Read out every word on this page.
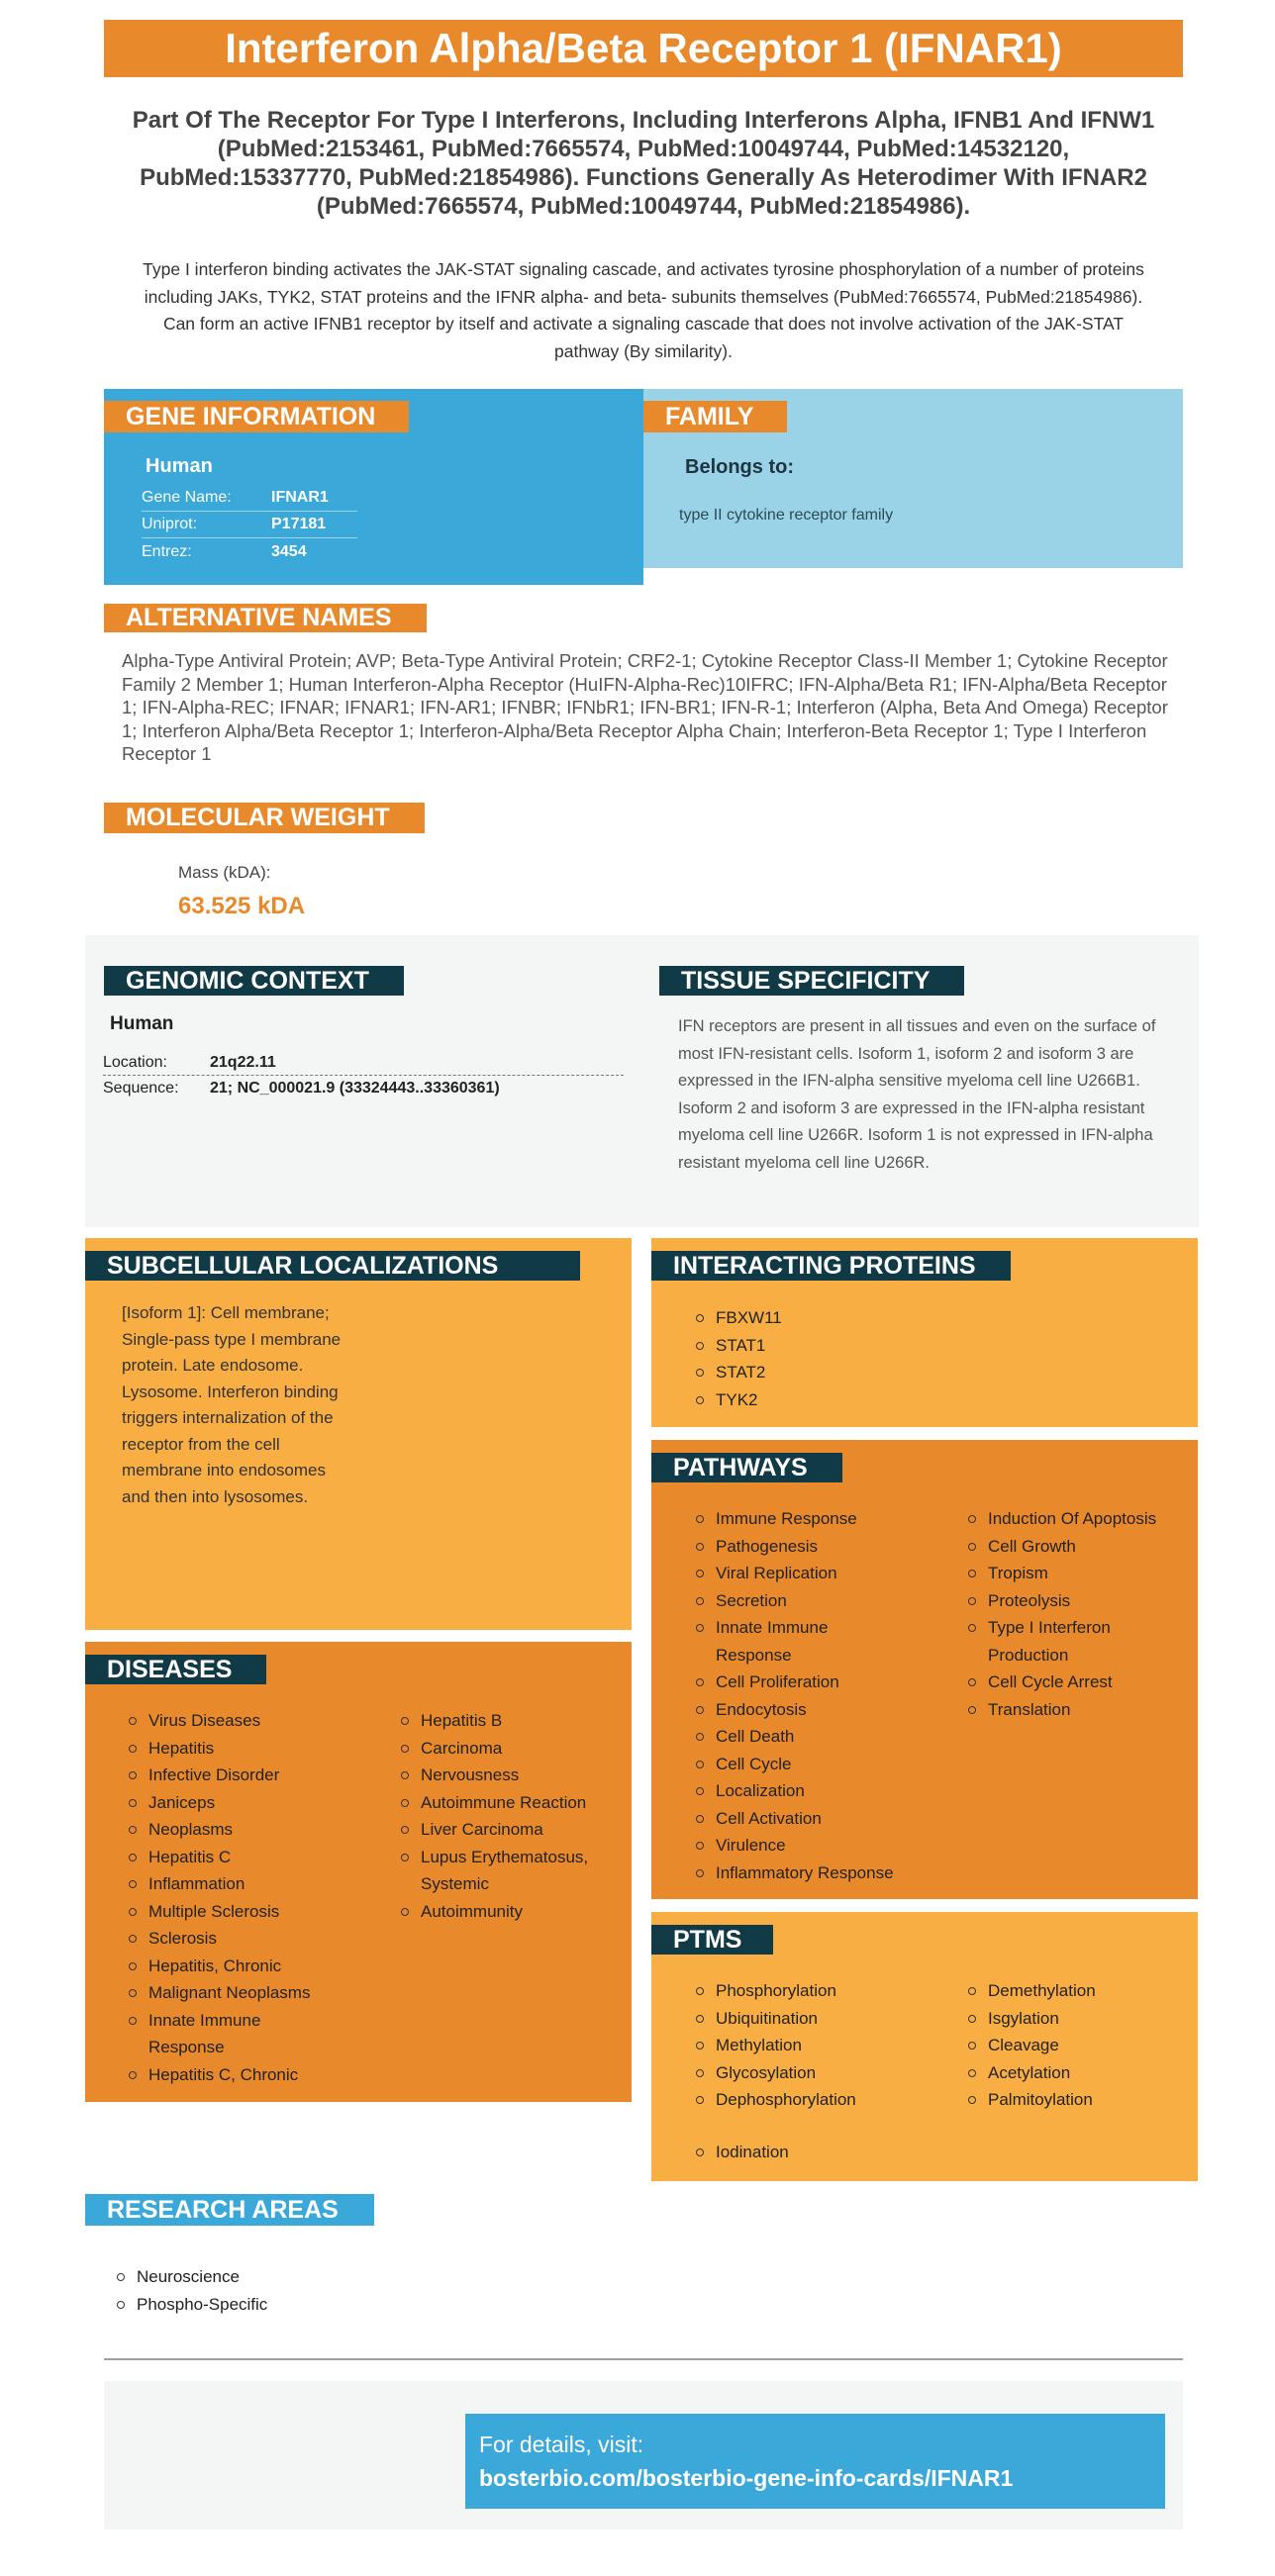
Interferon Alpha/Beta Receptor 1 (IFNAR1)
Part Of The Receptor For Type I Interferons, Including Interferons Alpha, IFNB1 And IFNW1 (PubMed:2153461, PubMed:7665574, PubMed:10049744, PubMed:14532120, PubMed:15337770, PubMed:21854986). Functions Generally As Heterodimer With IFNAR2 (PubMed:7665574, PubMed:10049744, PubMed:21854986).
Type I interferon binding activates the JAK-STAT signaling cascade, and activates tyrosine phosphorylation of a number of proteins including JAKs, TYK2, STAT proteins and the IFNR alpha- and beta- subunits themselves (PubMed:7665574, PubMed:21854986). Can form an active IFNB1 receptor by itself and activate a signaling cascade that does not involve activation of the JAK-STAT pathway (By similarity).
GENE INFORMATION
Human
Gene Name:	IFNAR1
Uniprot:	P17181
Entrez:	3454
FAMILY
Belongs to:
type II cytokine receptor family
ALTERNATIVE NAMES
Alpha-Type Antiviral Protein; AVP; Beta-Type Antiviral Protein; CRF2-1; Cytokine Receptor Class-II Member 1; Cytokine Receptor Family 2 Member 1; Human Interferon-Alpha Receptor (HuIFN-Alpha-Rec)10IFRC; IFN-Alpha/Beta R1; IFN-Alpha/Beta Receptor 1; IFN-Alpha-REC; IFNAR; IFNAR1; IFN-AR1; IFNBR; IFNbR1; IFN-BR1; IFN-R-1; Interferon (Alpha, Beta And Omega) Receptor 1; Interferon Alpha/Beta Receptor 1; Interferon-Alpha/Beta Receptor Alpha Chain; Interferon-Beta Receptor 1; Type I Interferon Receptor 1
MOLECULAR WEIGHT
Mass (kDA):
63.525 kDA
GENOMIC CONTEXT
Human
Location:	21q22.11
Sequence:	21; NC_000021.9 (33324443..33360361)
TISSUE SPECIFICITY
IFN receptors are present in all tissues and even on the surface of most IFN-resistant cells. Isoform 1, isoform 2 and isoform 3 are expressed in the IFN-alpha sensitive myeloma cell line U266B1. Isoform 2 and isoform 3 are expressed in the IFN-alpha resistant myeloma cell line U266R. Isoform 1 is not expressed in IFN-alpha resistant myeloma cell line U266R.
SUBCELLULAR LOCALIZATIONS
[Isoform 1]: Cell membrane; Single-pass type I membrane protein. Late endosome. Lysosome. Interferon binding triggers internalization of the receptor from the cell membrane into endosomes and then into lysosomes.
DISEASES
Virus Diseases
Hepatitis
Infective Disorder
Janiceps
Neoplasms
Hepatitis C
Inflammation
Multiple Sclerosis
Sclerosis
Hepatitis, Chronic
Malignant Neoplasms
Innate Immune Response
Hepatitis C, Chronic
Hepatitis B
Carcinoma
Nervousness
Autoimmune Reaction
Liver Carcinoma
Lupus Erythematosus, Systemic
Autoimmunity
INTERACTING PROTEINS
FBXW11
STAT1
STAT2
TYK2
PATHWAYS
Immune Response
Pathogenesis
Viral Replication
Secretion
Innate Immune Response
Cell Proliferation
Endocytosis
Cell Death
Cell Cycle
Localization
Cell Activation
Virulence
Inflammatory Response
Induction Of Apoptosis
Cell Growth
Tropism
Proteolysis
Type I Interferon Production
Cell Cycle Arrest
Translation
PTMS
Phosphorylation
Ubiquitination
Methylation
Glycosylation
Dephosphorylation
Demethylation
Isgylation
Cleavage
Acetylation
Palmitoylation
Iodination
RESEARCH AREAS
Neuroscience
Phospho-Specific
For details, visit:
bosterbio.com/bosterbio-gene-info-cards/IFNAR1
